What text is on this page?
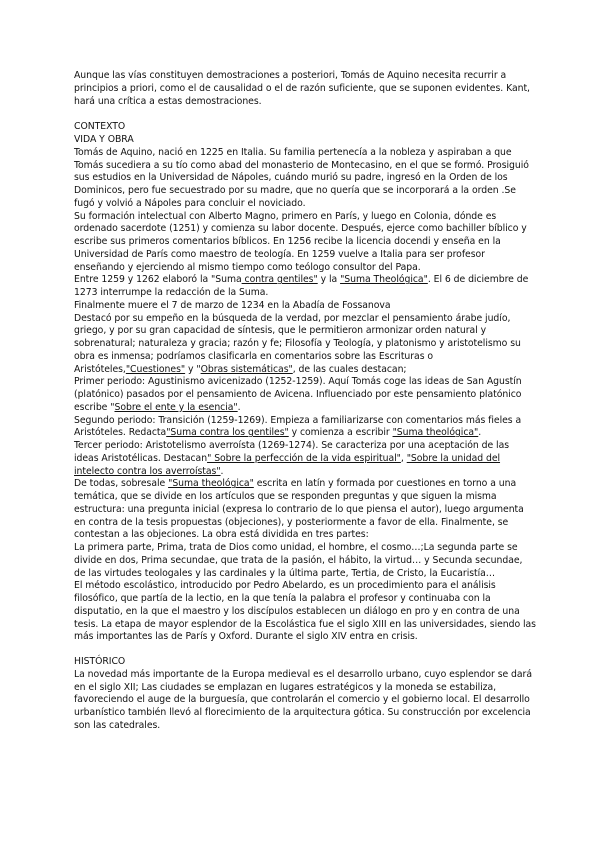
Aunque las vías constituyen demostraciones a posteriori, Tomás de Aquino necesita recurrir a principios a priori, como el de causalidad o el de razón suficiente, que se suponen evidentes. Kant, hará una crítica a estas demostraciones.

CONTEXTO

VIDA Y OBRA

Tomás de Aquino, nació en 1225 en Italia. Su familia pertenecía a la nobleza y aspiraban a que Tomás sucediera a su tío como abad del monasterio de Montecasino, en el que se formó. Prosiguió sus estudios en la Universidad de Nápoles, cuándo murió su padre, ingresó en la Orden de los Dominicos, pero fue secuestrado por su madre, que no quería que se incorporará a la orden .Se fugó y volvió a Nápoles para concluir el noviciado.

Su formación intelectual con Alberto Magno, primero en París, y luego en Colonia, dónde es ordenado sacerdote (1251) y comienza su labor docente. Después, ejerce como bachiller bíblico y escribe sus primeros comentarios bíblicos. En 1256 recibe la licencia docendi y enseña en la Universidad de París como maestro de teología. En 1259 vuelve a Italia para ser profesor enseñando y ejerciendo al mismo tiempo como teólogo consultor del Papa.

Entre 1259 y 1262 elaboró la "Suma contra gentiles" y la "Suma Theológica". El 6 de diciembre de 1273 interrumpe la redacción de la Suma.

Finalmente muere el 7 de marzo de 1234 en la Abadía de Fossanova

Destacó por su empeño en la búsqueda de la verdad, por mezclar el pensamiento árabe judío, griego, y por su gran capacidad de síntesis, que le permitieron armonizar orden natural y sobrenatural; naturaleza y gracia; razón y fe; Filosofía y Teología, y platonismo y aristotelismo su obra es inmensa; podríamos clasificarla en comentarios sobre las Escrituras o Aristóteles,"Cuestiones" y "Obras sistemáticas", de las cuales destacan;

Primer periodo: Agustinismo avicenizado (1252-1259). Aquí Tomás coge las ideas de San Agustín (platónico) pasados por el pensamiento de Avicena. Influenciado por este pensamiento platónico escribe "Sobre el ente y la esencia".

Segundo periodo: Transición (1259-1269). Empieza a familiarizarse con comentarios más fieles a Aristóteles. Redacta"Suma contra los gentiles" y comienza a escribir "Suma theológica".

Tercer periodo: Aristotelismo averroísta (1269-1274). Se caracteriza por una aceptación de las ideas Aristotélicas. Destacan" Sobre la perfección de la vida espiritual", "Sobre la unidad del intelecto contra los averroístas".

De todas, sobresale "Suma theológica" escrita en latín y formada por cuestiones en torno a una temática, que se divide en los artículos que se responden preguntas y que siguen la misma estructura: una pregunta inicial (expresa lo contrario de lo que piensa el autor), luego argumenta en contra de la tesis propuestas (objeciones), y posteriormente a favor de ella. Finalmente, se contestan a las objeciones. La obra está dividida en tres partes:

La primera parte, Prima, trata de Dios como unidad, el hombre, el cosmo…;La segunda parte se divide en dos, Prima secundae, que trata de la pasión, el hábito, la virtud… y Secunda secundae, de las virtudes teologales y las cardinales y la última parte, Tertia, de Cristo, la Eucaristía…

El método escolástico, introducido por Pedro Abelardo, es un procedimiento para el análisis filosófico, que partía de la lectio, en la que tenía la palabra el profesor y continuaba con la disputatio, en la que el maestro y los discípulos establecen un diálogo en pro y en contra de una tesis. La etapa de mayor esplendor de la Escolástica fue el siglo XIII en las universidades, siendo las más importantes las de París y Oxford. Durante el siglo XIV entra en crisis.

HISTÓRICO

La novedad más importante de la Europa medieval es el desarrollo urbano, cuyo esplendor se dará en el siglo XII; Las ciudades se emplazan en lugares estratégicos y la moneda se estabiliza, favoreciendo el auge de la burguesía, que controlarán el comercio y el gobierno local. El desarrollo urbanístico también llevó al florecimiento de la arquitectura gótica. Su construcción por excelencia son las catedrales.
